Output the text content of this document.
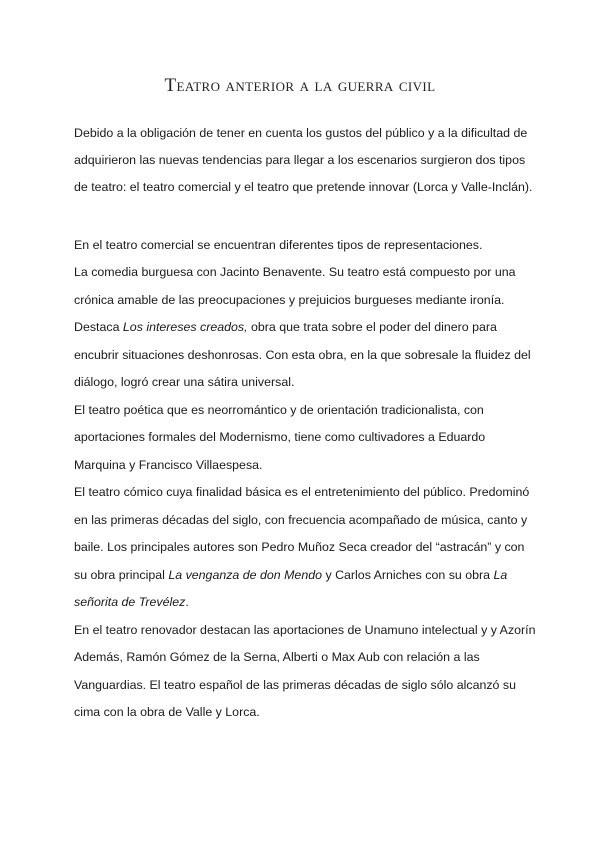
Teatro anterior a la guerra civil
Debido a la obligación de tener en cuenta los gustos del público y a la dificultad de
adquirieron las nuevas tendencias para llegar a los escenarios surgieron dos tipos
de teatro: el teatro comercial y el teatro que pretende innovar (Lorca y Valle-Inclán).
En el teatro comercial se encuentran diferentes tipos de representaciones.
La comedia burguesa con Jacinto Benavente. Su teatro está compuesto por una
crónica amable de las preocupaciones y prejuicios burgueses mediante ironía.
Destaca Los intereses creados, obra que trata sobre el poder del dinero para
encubrir situaciones deshonrosas. Con esta obra, en la que sobresale la fluidez del
diálogo, logró crear una sátira universal.
El teatro poética que es neorromántico y de orientación tradicionalista, con
aportaciones formales del Modernismo, tiene como cultivadores a Eduardo
Marquina y Francisco Villaespesa.
El teatro cómico cuya finalidad básica es el entretenimiento del público. Predominó
en las primeras décadas del siglo, con frecuencia acompañado de música, canto y
baile. Los principales autores son Pedro Muñoz Seca creador del “astracán” y con
su obra principal La venganza de don Mendo y Carlos Arniches con su obra La
señorita de Trevélez.
En el teatro renovador destacan las aportaciones de Unamuno intelectual y y Azorín
Además, Ramón Gómez de la Serna, Alberti o Max Aub con relación a las
Vanguardias. El teatro español de las primeras décadas de siglo sólo alcanzó su
cima con la obra de Valle y Lorca.
